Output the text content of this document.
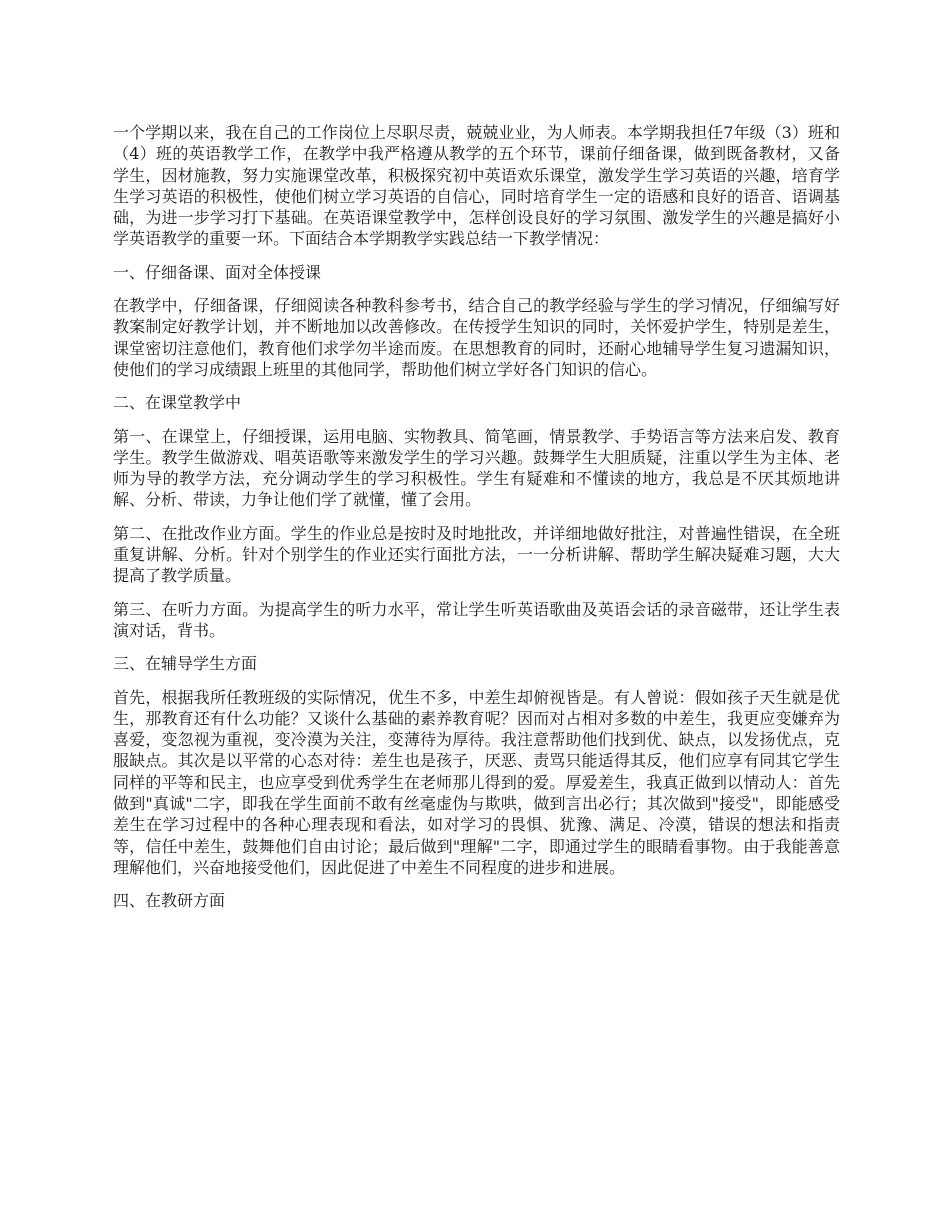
一个学期以来，我在自己的工作岗位上尽职尽责，兢兢业业，为人师表。本学期我担任7年级（3）班和（4）班的英语教学工作，在教学中我严格遵从教学的五个环节，课前仔细备课，做到既备教材，又备学生，因材施教，努力实施课堂改革，积极探究初中英语欢乐课堂，激发学生学习英语的兴趣，培育学生学习英语的积极性，使他们树立学习英语的自信心，同时培育学生一定的语感和良好的语音、语调基础，为进一步学习打下基础。在英语课堂教学中，怎样创设良好的学习氛围、激发学生的兴趣是搞好小学英语教学的重要一环。下面结合本学期教学实践总结一下教学情况：

一、仔细备课、面对全体授课

在教学中，仔细备课，仔细阅读各种教科参考书，结合自己的教学经验与学生的学习情况，仔细编写好教案制定好教学计划，并不断地加以改善修改。在传授学生知识的同时，关怀爱护学生，特别是差生，课堂密切注意他们，教育他们求学勿半途而废。在思想教育的同时，还耐心地辅导学生复习遗漏知识，使他们的学习成绩跟上班里的其他同学，帮助他们树立学好各门知识的信心。

二、在课堂教学中

第一、在课堂上，仔细授课，运用电脑、实物教具、简笔画，情景教学、手势语言等方法来启发、教育学生。教学生做游戏、唱英语歌等来激发学生的学习兴趣。鼓舞学生大胆质疑，注重以学生为主体、老师为导的教学方法，充分调动学生的学习积极性。学生有疑难和不懂读的地方，我总是不厌其烦地讲解、分析、带读，力争让他们学了就懂，懂了会用。

第二、在批改作业方面。学生的作业总是按时及时地批改，并详细地做好批注，对普遍性错误，在全班重复讲解、分析。针对个别学生的作业还实行面批方法，一一分析讲解、帮助学生解决疑难习题，大大提高了教学质量。

第三、在听力方面。为提高学生的听力水平，常让学生听英语歌曲及英语会话的录音磁带，还让学生表演对话，背书。

三、在辅导学生方面

首先，根据我所任教班级的实际情况，优生不多，中差生却俯视皆是。有人曾说：假如孩子天生就是优生，那教育还有什么功能？又谈什么基础的素养教育呢？因而对占相对多数的中差生，我更应变嫌弃为喜爱，变忽视为重视，变冷漠为关注，变薄待为厚待。我注意帮助他们找到优、缺点，以发扬优点，克服缺点。其次是以平常的心态对待：差生也是孩子，厌恶、责骂只能适得其反，他们应享有同其它学生同样的平等和民主，也应享受到优秀学生在老师那儿得到的爱。厚爱差生，我真正做到以情动人：首先做到"真诚"二字，即我在学生面前不敢有丝毫虚伪与欺哄，做到言出必行；其次做到"接受"，即能感受差生在学习过程中的各种心理表现和看法，如对学习的畏惧、犹豫、满足、冷漠，错误的想法和指责等，信任中差生，鼓舞他们自由讨论；最后做到"理解"二字，即通过学生的眼睛看事物。由于我能善意理解他们，兴奋地接受他们，因此促进了中差生不同程度的进步和进展。

四、在教研方面
